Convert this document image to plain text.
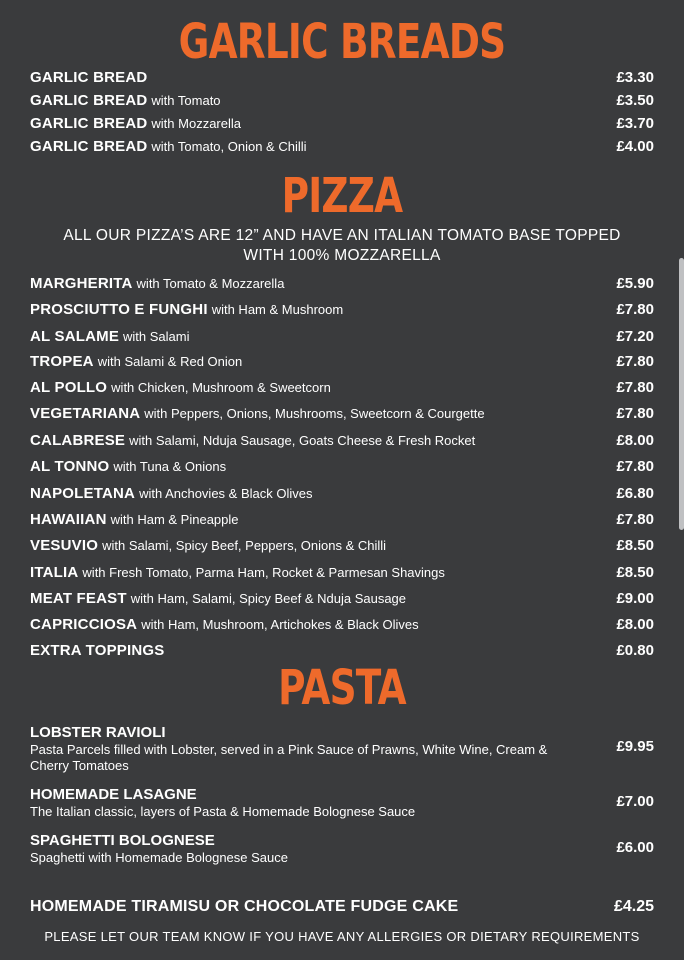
GARLIC BREADS
GARLIC BREAD	£3.30
GARLIC BREAD with Tomato	£3.50
GARLIC BREAD with Mozzarella	£3.70
GARLIC BREAD with Tomato, Onion & Chilli	£4.00
PIZZA
ALL OUR PIZZA’S ARE 12” AND HAVE AN ITALIAN TOMATO BASE TOPPED
WITH 100% MOZZARELLA
MARGHERITA with Tomato & Mozzarella	£5.90
PROSCIUTTO E FUNGHI with Ham & Mushroom	£7.80
AL SALAME with Salami	£7.20
TROPEA with Salami & Red Onion	£7.80
AL POLLO with Chicken, Mushroom & Sweetcorn	£7.80
VEGETARIANA with Peppers, Onions, Mushrooms, Sweetcorn & Courgette	£7.80
CALABRESE with Salami, Nduja Sausage, Goats Cheese & Fresh Rocket	£8.00
AL TONNO with Tuna & Onions	£7.80
NAPOLETANA with Anchovies & Black Olives	£6.80
HAWAIIAN with Ham & Pineapple	£7.80
VESUVIO with Salami, Spicy Beef, Peppers, Onions & Chilli	£8.50
ITALIA with Fresh Tomato, Parma Ham, Rocket & Parmesan Shavings	£8.50
MEAT FEAST with Ham, Salami, Spicy Beef & Nduja Sausage	£9.00
CAPRICCIOSA with Ham, Mushroom, Artichokes & Black Olives	£8.00
EXTRA TOPPINGS	£0.80
PASTA
LOBSTER RAVIOLI
Pasta Parcels filled with Lobster, served in a Pink Sauce of Prawns, White Wine, Cream & Cherry Tomatoes
£9.95
HOMEMADE LASAGNE
The Italian classic, layers of Pasta & Homemade Bolognese Sauce
£7.00
SPAGHETTI BOLOGNESE
Spaghetti with Homemade Bolognese Sauce
£6.00
HOMEMADE TIRAMISU OR CHOCOLATE FUDGE CAKE	£4.25
PLEASE LET OUR TEAM KNOW IF YOU HAVE ANY ALLERGIES OR DIETARY REQUIREMENTS
